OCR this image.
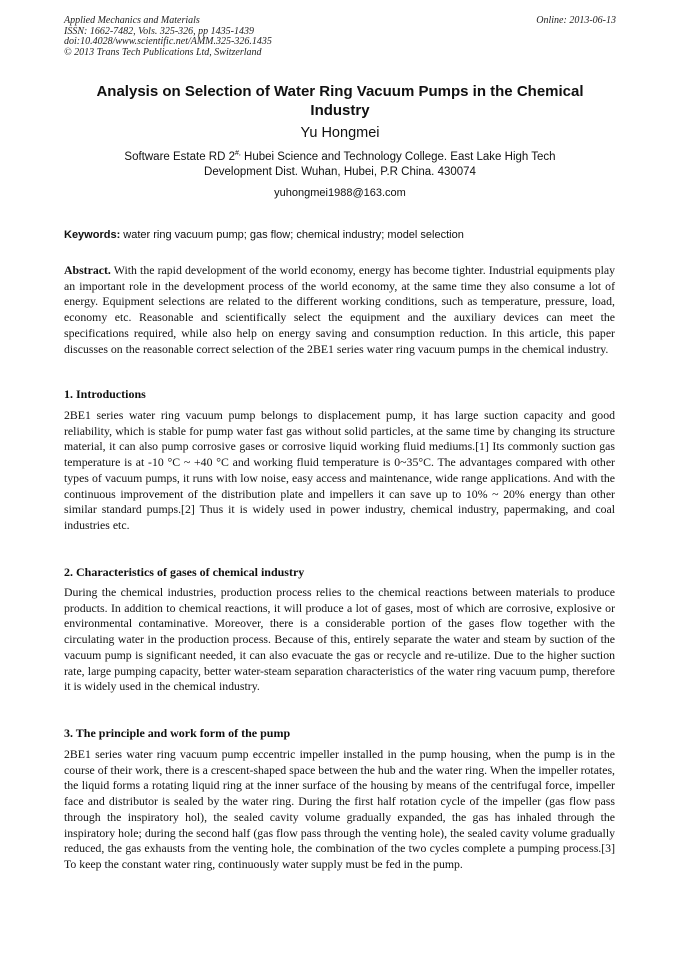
Applied Mechanics and Materials
ISSN: 1662-7482, Vols. 325-326, pp 1435-1439
doi:10.4028/www.scientific.net/AMM.325-326.1435
© 2013 Trans Tech Publications Ltd, Switzerland
Online: 2013-06-13
Analysis on Selection of Water Ring Vacuum Pumps in the Chemical
Industry
Yu Hongmei
Software Estate RD 2#, Hubei Science and Technology College. East Lake High Tech
Development Dist. Wuhan, Hubei, P.R China. 430074
yuhongmei1988@163.com
Keywords: water ring vacuum pump; gas flow; chemical industry; model selection

Abstract. With the rapid development of the world economy, energy has become tighter. Industrial equipments play an important role in the development process of the world economy, at the same time they also consume a lot of energy. Equipment selections are related to the different working conditions, such as temperature, pressure, load, economy etc. Reasonable and scientifically select the equipment and the auxiliary devices can meet the specifications required, while also help on energy saving and consumption reduction. In this article, this paper discusses on the reasonable correct selection of the 2BE1 series water ring vacuum pumps in the chemical industry.

1. Introductions

2BE1 series water ring vacuum pump belongs to displacement pump, it has large suction capacity and good reliability, which is stable for pump water fast gas without solid particles, at the same time by changing its structure material, it can also pump corrosive gases or corrosive liquid working fluid mediums.[1] Its commonly suction gas temperature is at -10 °C ~ +40 °C and working fluid temperature is 0~35°C. The advantages compared with other types of vacuum pumps, it runs with low noise, easy access and maintenance, wide range applications. And with the continuous improvement of the distribution plate and impellers it can save up to 10% ~ 20% energy than other similar standard pumps.[2] Thus it is widely used in power industry, chemical industry, papermaking, and coal industries etc.

2. Characteristics of gases of chemical industry

During the chemical industries, production process relies to the chemical reactions between materials to produce products. In addition to chemical reactions, it will produce a lot of gases, most of which are corrosive, explosive or environmental contaminative. Moreover, there is a considerable portion of the gases flow together with the circulating water in the production process. Because of this, entirely separate the water and steam by suction of the vacuum pump is significant needed, it can also evacuate the gas or recycle and re-utilize. Due to the higher suction rate, large pumping capacity, better water-steam separation characteristics of the water ring vacuum pump, therefore it is widely used in the chemical industry.

3. The principle and work form of the pump

2BE1 series water ring vacuum pump eccentric impeller installed in the pump housing, when the pump is in the course of their work, there is a crescent-shaped space between the hub and the water ring. When the impeller rotates, the liquid forms a rotating liquid ring at the inner surface of the housing by means of the centrifugal force, impeller face and distributor is sealed by the water ring. During the first half rotation cycle of the impeller (gas flow pass through the inspiratory hol), the sealed cavity volume gradually expanded, the gas has inhaled through the inspiratory hole; during the second half (gas flow pass through the venting hole), the sealed cavity volume gradually reduced, the gas exhausts from the venting hole, the combination of the two cycles complete a pumping process.[3] To keep the constant water ring, continuously water supply must be fed in the pump.
